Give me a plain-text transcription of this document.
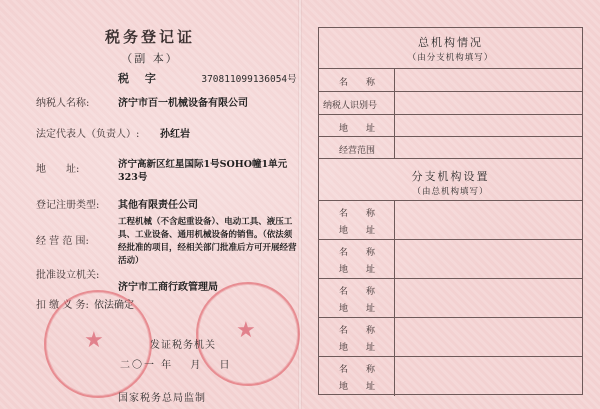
税务登记证
（副 本）
税 字	370811099136054号
纳税人名称:	济宁市百一机械设备有限公司
法定代表人（负责人）: 孙红岩
地　　址:	济宁高新区红星国际1号SOHO幢1单元323号
登记注册类型: 其他有限责任公司
经 营 范 围:
工程机械（不含起重设备）、电动工具、液压工具、工业设备、通用机械设备的销售。（依法须经批准的项目，经相关部门批准后方可开展经营活动）
批准设立机关:
济宁市工商行政管理局
扣 缴 义 务: 依法确定
★	★
发证税务机关
二〇一 年　 月　 日
国家税务总局监制
总机构情况
（由分支机构填写）
名　　称
纳税人识别号
地　　址
经营范围
分支机构设置
（由总机构填写）
名　　称
地　　址
名　　称
地　　址
名　　称
地　　址
名　　称
地　　址
名　　称
地　　址
